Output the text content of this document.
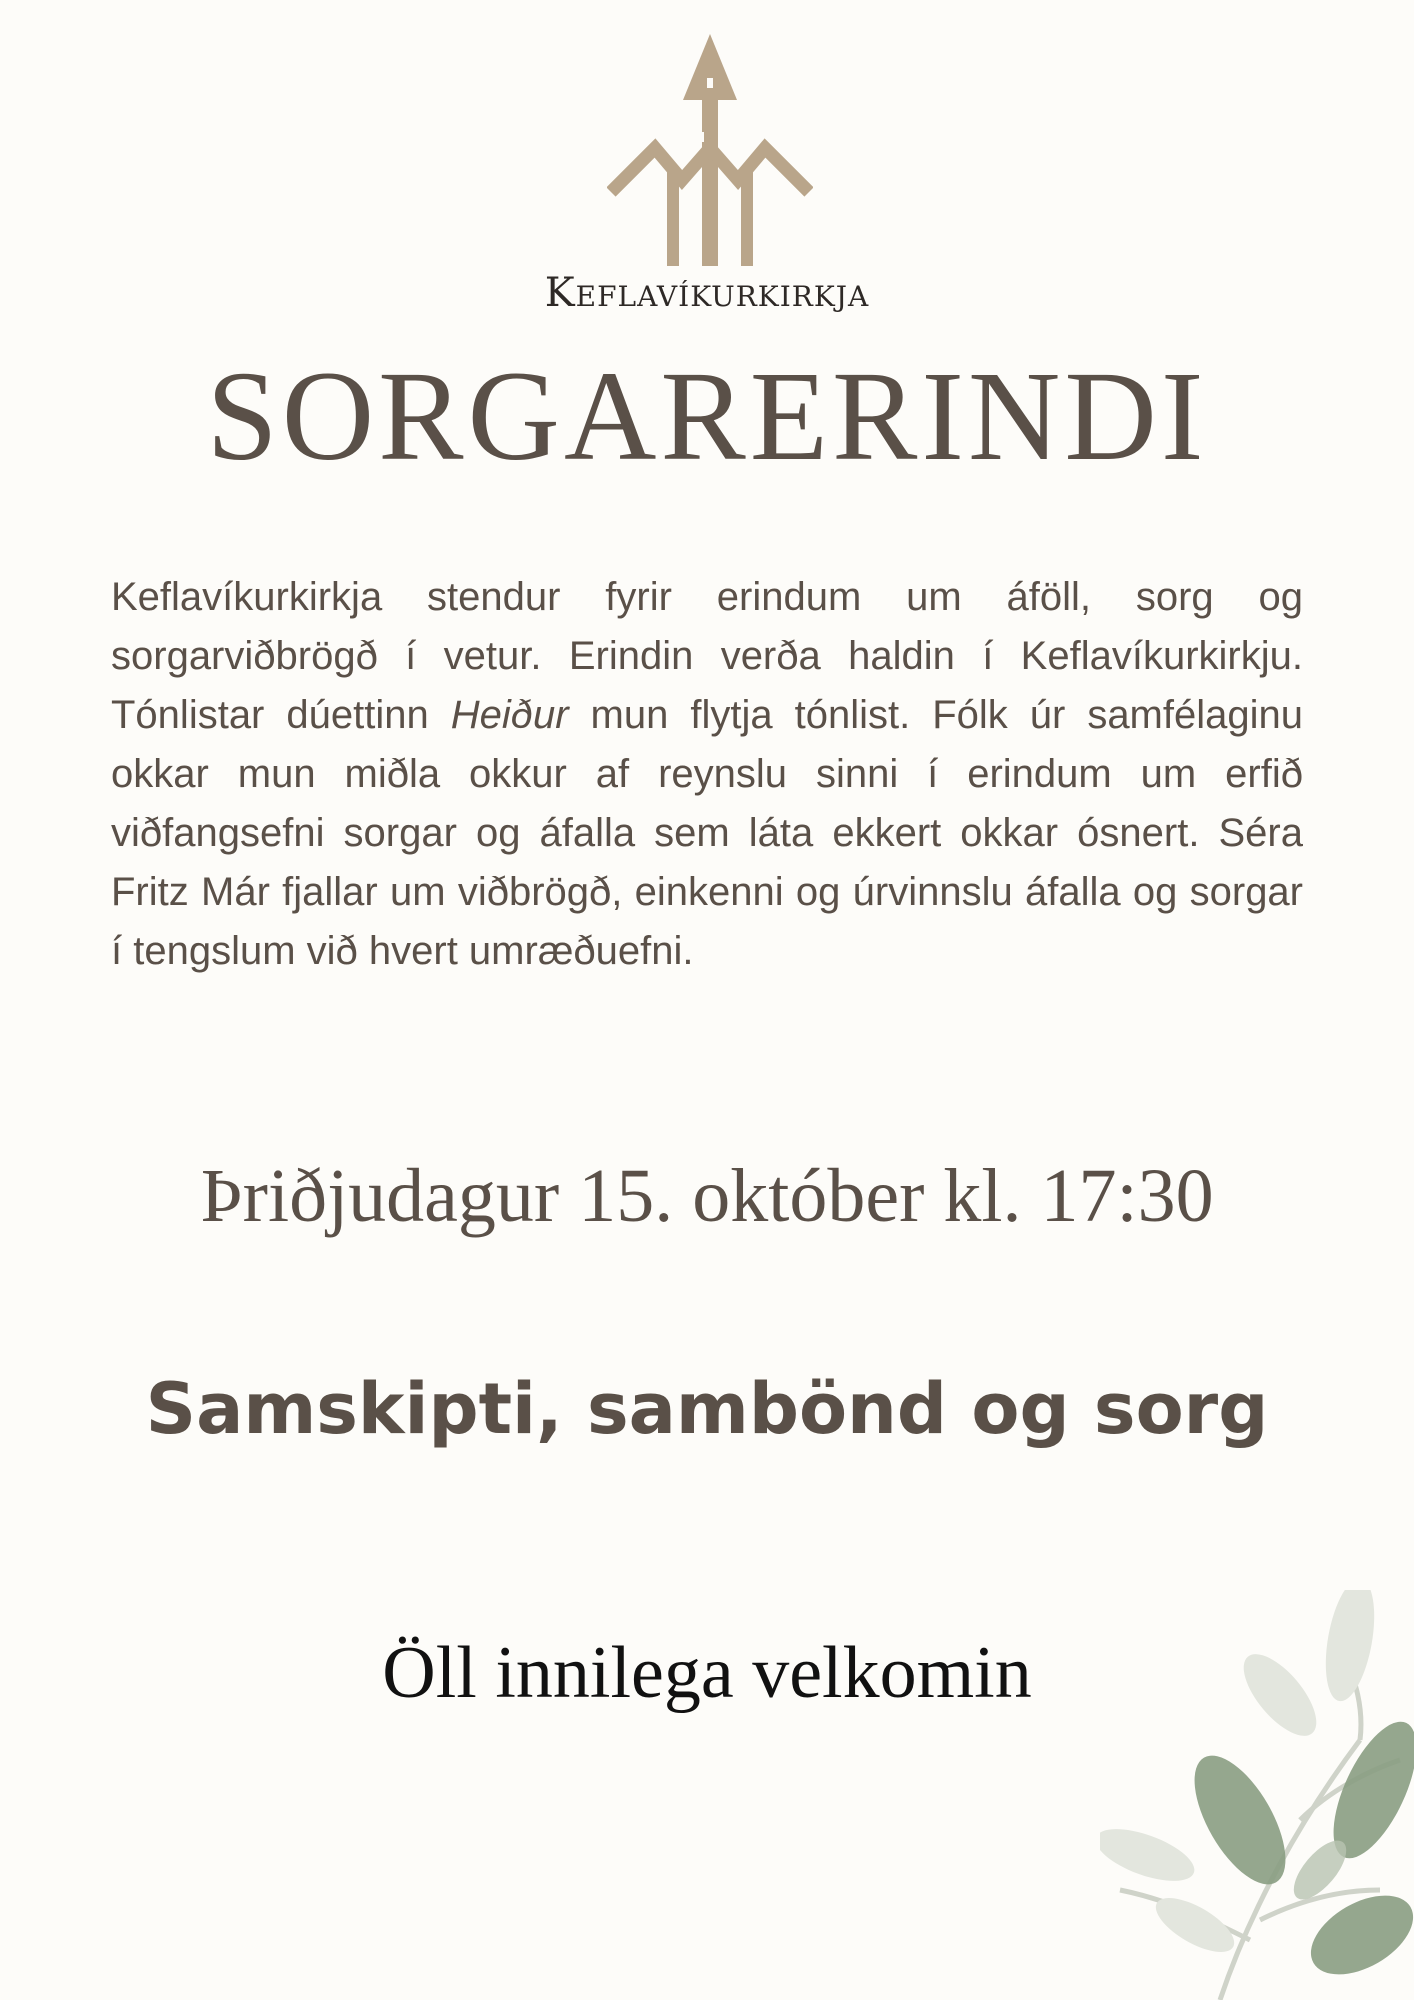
Keflavíkurkirkja
SORGARERINDI

Keflavíkurkirkja stendur fyrir erindum um áföll, sorg og sorgarviðbrögð í vetur. Erindin verða haldin í Keflavíkurkirkju. Tónlistar dúettinn Heiður mun flytja tónlist. Fólk úr samfélaginu okkar mun miðla okkur af reynslu sinni í erindum um erfið viðfangsefni sorgar og áfalla sem láta ekkert okkar ósnert. Séra Fritz Már fjallar um viðbrögð, einkenni og úrvinnslu áfalla og sorgar í tengslum við hvert umræðuefni.

Þriðjudagur 15. október kl. 17:30
Samskipti, sambönd og sorg
Öll innilega velkomin
